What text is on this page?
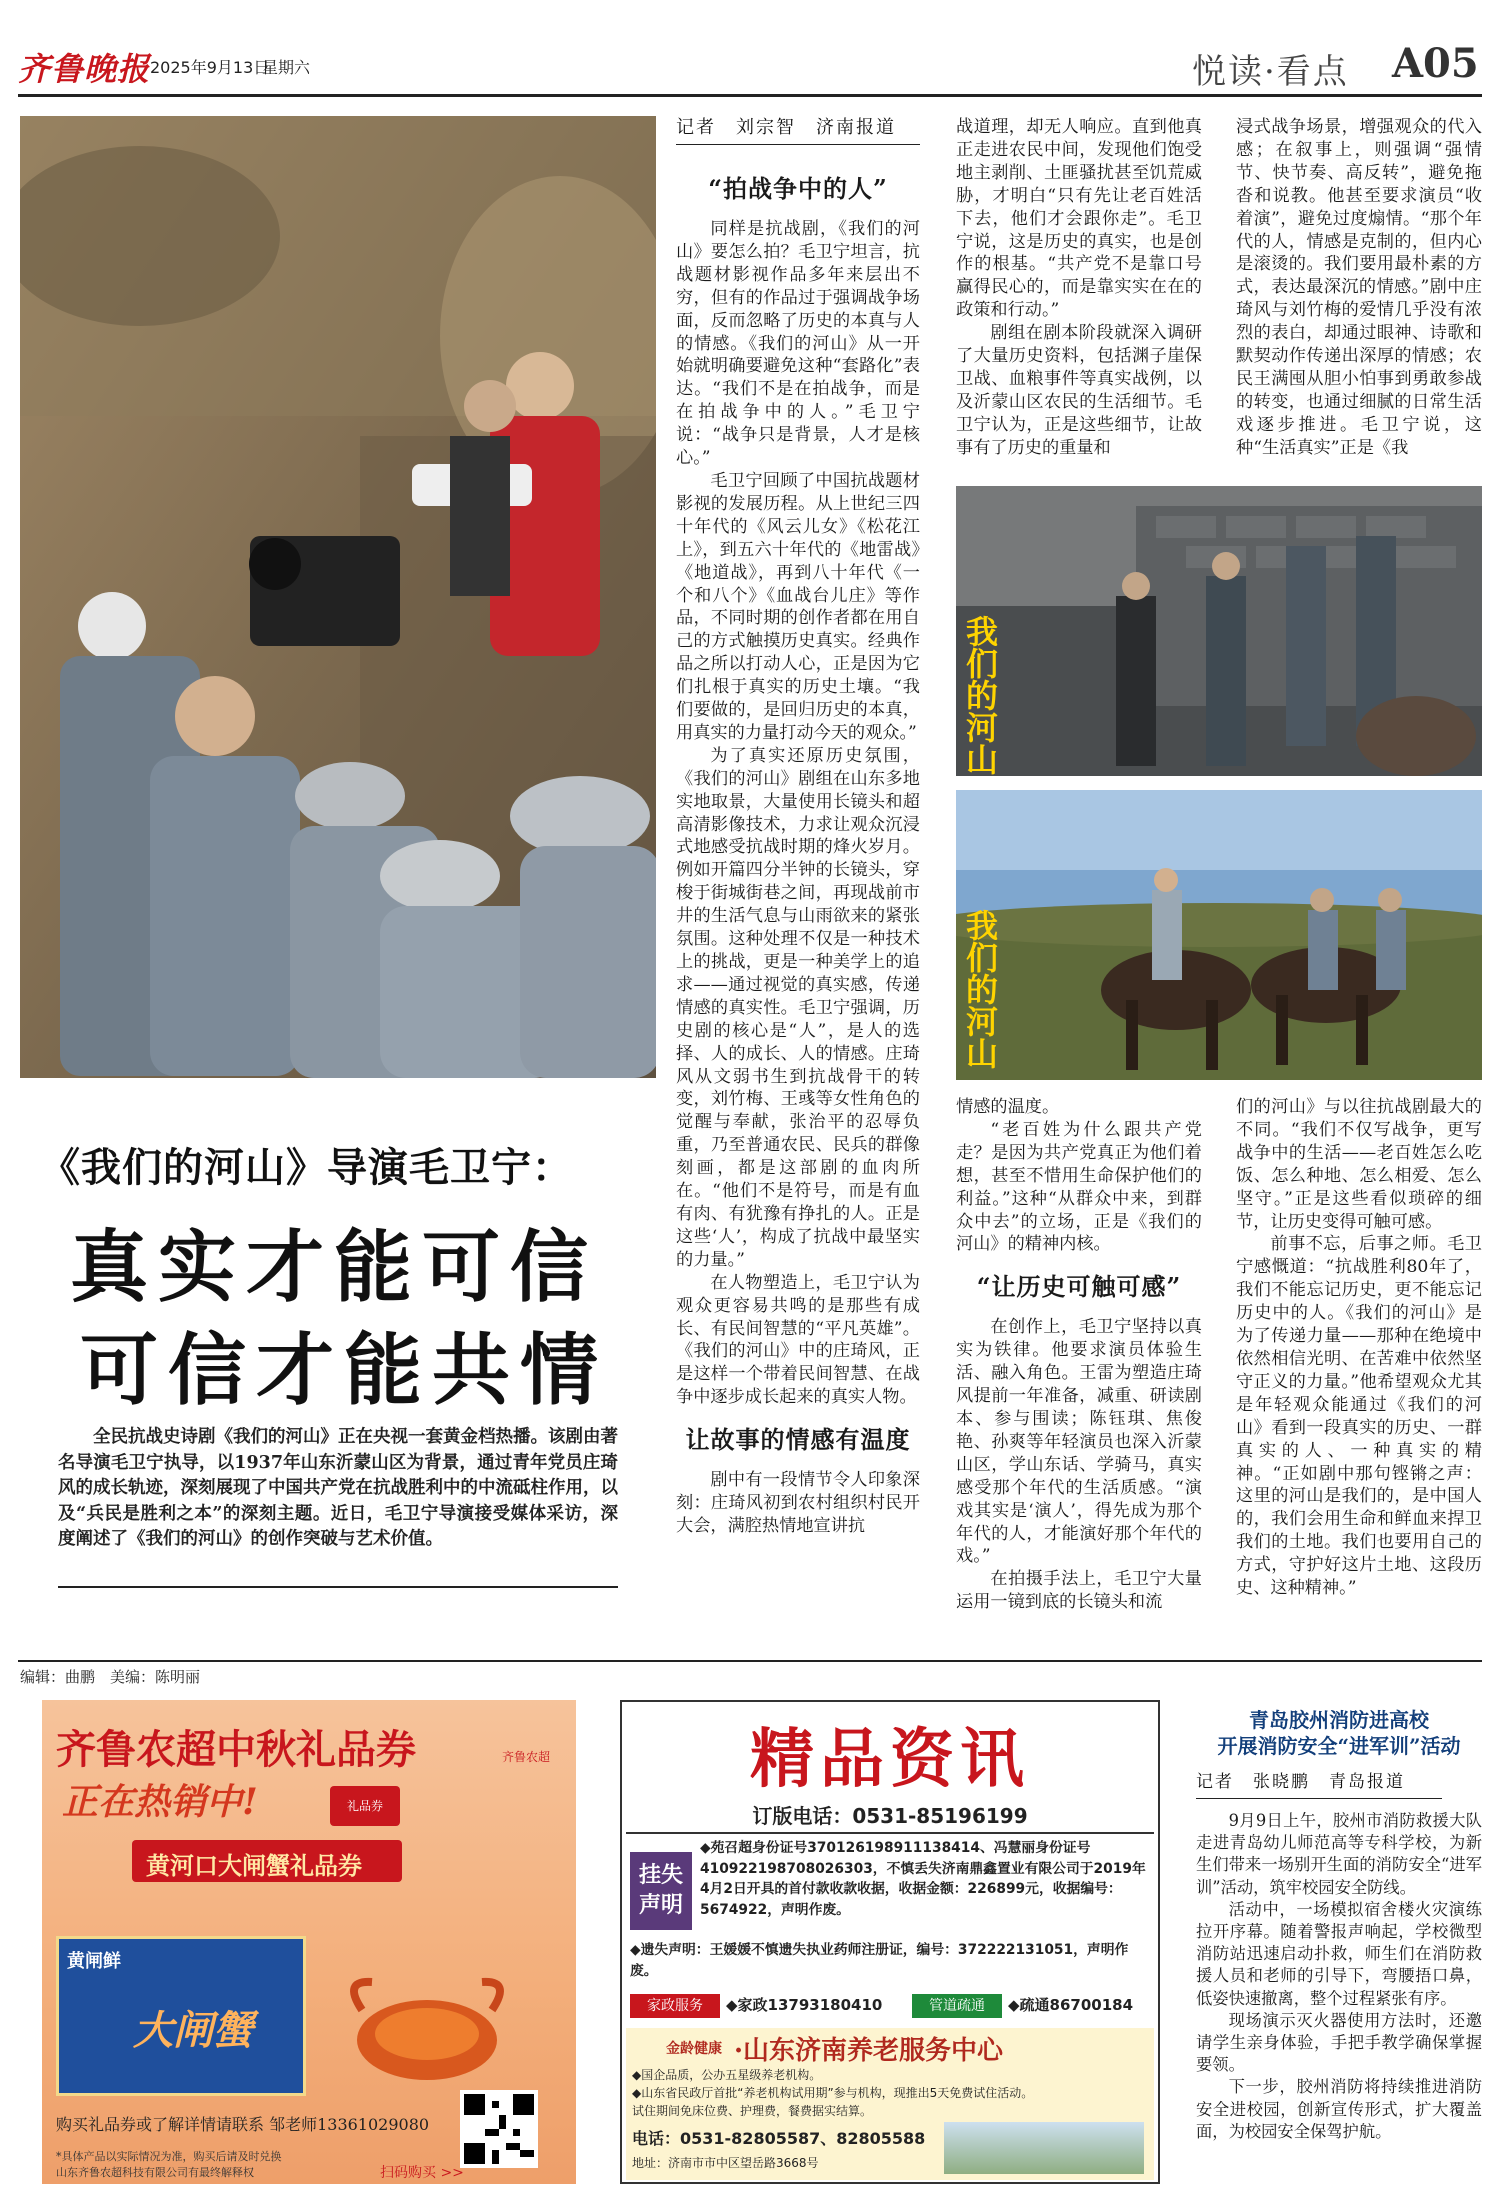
齐鲁晚报 2025年9月13日
星期六	悦读·看点 A05
《我们的河山》导演毛卫宁：
真实才能可信
可信才能共情
全民抗战史诗剧《我们的河山》正在央视一套黄金档热播。该剧由著名导演毛卫宁执导，以1937年山东沂蒙山区为背景，通过青年党员庄琦风的成长轨迹，深刻展现了中国共产党在抗战胜利中的中流砥柱作用，以及“兵民是胜利之本”的深刻主题。近日，毛卫宁导演接受媒体采访，深度阐述了《我们的河山》的创作突破与艺术价值。
记者　刘宗智　济南报道
“拍战争中的人”

同样是抗战剧，《我们的河山》要怎么拍？毛卫宁坦言，抗战题材影视作品多年来层出不穷，但有的作品过于强调战争场面，反而忽略了历史的本真与人的情感。《我们的河山》从一开始就明确要避免这种“套路化”表达。“我们不是在拍战争，而是在拍战争中的人。”毛卫宁说：“战争只是背景，人才是核心。”

毛卫宁回顾了中国抗战题材影视的发展历程。从上世纪三四十年代的《风云儿女》《松花江上》，到五六十年代的《地雷战》《地道战》，再到八十年代《一个和八个》《血战台儿庄》等作品，不同时期的创作者都在用自己的方式触摸历史真实。经典作品之所以打动人心，正是因为它们扎根于真实的历史土壤。“我们要做的，是回归历史的本真，用真实的力量打动今天的观众。”

为了真实还原历史氛围，《我们的河山》剧组在山东多地实地取景，大量使用长镜头和超高清影像技术，力求让观众沉浸式地感受抗战时期的烽火岁月。例如开篇四分半钟的长镜头，穿梭于街城街巷之间，再现战前市井的生活气息与山雨欲来的紧张氛围。这种处理不仅是一种技术上的挑战，更是一种美学上的追求——通过视觉的真实感，传递情感的真实性。毛卫宁强调，历史剧的核心是“人”，是人的选择、人的成长、人的情感。庄琦风从文弱书生到抗战骨干的转变，刘竹梅、王彧等女性角色的觉醒与奉献，张治平的忍辱负重，乃至普通农民、民兵的群像刻画，都是这部剧的血肉所在。“他们不是符号，而是有血有肉、有犹豫有挣扎的人。正是这些‘人’，构成了抗战中最坚实的力量。”

在人物塑造上，毛卫宁认为观众更容易共鸣的是那些有成长、有民间智慧的“平凡英雄”。《我们的河山》中的庄琦风，正是这样一个带着民间智慧、在战争中逐步成长起来的真实人物。

让故事的情感有温度

剧中有一段情节令人印象深刻：庄琦风初到农村组织村民开大会，满腔热情地宣讲抗

战道理，却无人响应。直到他真正走进农民中间，发现他们饱受地主剥削、土匪骚扰甚至饥荒威胁，才明白“只有先让老百姓活下去，他们才会跟你走”。毛卫宁说，这是历史的真实，也是创作的根基。“共产党不是靠口号赢得民心的，而是靠实实在在的政策和行动。”

剧组在剧本阶段就深入调研了大量历史资料，包括渊子崖保卫战、血粮事件等真实战例，以及沂蒙山区农民的生活细节。毛卫宁认为，正是这些细节，让故事有了历史的重量和

浸式战争场景，增强观众的代入感；在叙事上，则强调“强情节、快节奏、高反转”，避免拖沓和说教。他甚至要求演员“收着演”，避免过度煽情。“那个年代的人，情感是克制的，但内心是滚烫的。我们要用最朴素的方式，表达最深沉的情感。”剧中庄琦风与刘竹梅的爱情几乎没有浓烈的表白，却通过眼神、诗歌和默契动作传递出深厚的情感；农民王满囤从胆小怕事到勇敢参战的转变，也通过细腻的日常生活戏逐步推进。毛卫宁说，这种“生活真实”正是《我

我们的河山
我们的河山

情感的温度。

“老百姓为什么跟共产党走？是因为共产党真正为他们着想，甚至不惜用生命保护他们的利益。”这种“从群众中来，到群众中去”的立场，正是《我们的河山》的精神内核。

“让历史可触可感”

在创作上，毛卫宁坚持以真实为铁律。他要求演员体验生活、融入角色。王雷为塑造庄琦风提前一年准备，减重、研读剧本、参与围读；陈钰琪、焦俊艳、孙爽等年轻演员也深入沂蒙山区，学山东话、学骑马，真实感受那个年代的生活质感。“演戏其实是‘演人’，得先成为那个年代的人，才能演好那个年代的戏。”

在拍摄手法上，毛卫宁大量运用一镜到底的长镜头和流

们的河山》与以往抗战剧最大的不同。“我们不仅写战争，更写战争中的生活——老百姓怎么吃饭、怎么种地、怎么相爱、怎么坚守。”正是这些看似琐碎的细节，让历史变得可触可感。

前事不忘，后事之师。毛卫宁感慨道：“抗战胜利80年了，我们不能忘记历史，更不能忘记历史中的人。《我们的河山》是为了传递力量——那种在绝境中依然相信光明、在苦难中依然坚守正义的力量。”他希望观众尤其是年轻观众能通过《我们的河山》看到一段真实的历史、一群真实的人、一种真实的精神。“正如剧中那句铿锵之声：这里的河山是我们的，是中国人的，我们会用生命和鲜血来捍卫我们的土地。我们也要用自己的方式，守护好这片土地、这段历史、这种精神。”

编辑：曲鹏　美编：陈明丽
齐鲁农超中秋礼品券	齐鲁农超
正在热销中!	礼品券
黄河口大闸蟹礼品券
黄闸鲜
大闸蟹
购买礼品券或了解详情请联系 邹老师13361029080
*具体产品以实际情况为准，购买后请及时兑换
山东齐鲁农超科技有限公司有最终解释权	扫码购买 >>
精品资讯
订版电话：0531-85196199
挂失声明
◆苑召超身份证号370126198911138414、冯慧丽身份证号410922198708026303，不慎丢失济南鼎鑫置业有限公司于2019年4月2日开具的首付款收款收据，收据金额：226899元，收据编号：5674922，声明作废。
◆遗失声明：王媛媛不慎遗失执业药师注册证，编号：372222131051，声明作废。
家政服务	◆家政13793180410	管道疏通	◆疏通86700184
金龄健康 ·山东济南养老服务中心
◆国企品质，公办五星级养老机构。
◆山东省民政厅首批“养老机构试用期”参与机构，现推出5天免费试住活动。
试住期间免床位费、护理费，餐费据实结算。
电话：0531-82805587、82805588
地址：济南市市中区望岳路3668号
青岛胶州消防进高校
开展消防安全“进军训”活动
记者　张晓鹏　青岛报道

9月9日上午，胶州市消防救援大队走进青岛幼儿师范高等专科学校，为新生们带来一场别开生面的消防安全“进军训”活动，筑牢校园安全防线。

活动中，一场模拟宿舍楼火灾演练拉开序幕。随着警报声响起，学校微型消防站迅速启动扑救，师生们在消防救援人员和老师的引导下，弯腰捂口鼻，低姿快速撤离，整个过程紧张有序。

现场演示灭火器使用方法时，还邀请学生亲身体验，手把手教学确保掌握要领。

下一步，胶州消防将持续推进消防安全进校园，创新宣传形式，扩大覆盖面，为校园安全保驾护航。
